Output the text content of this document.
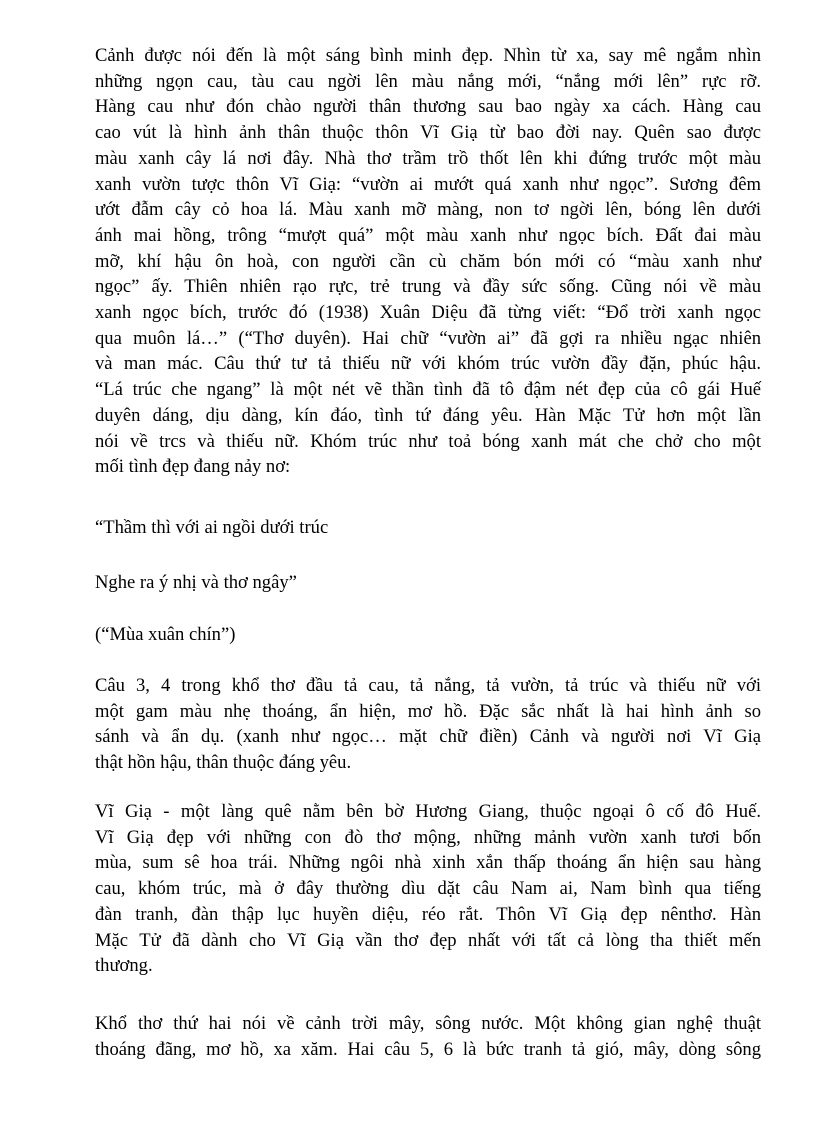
Cảnh được nói đến là một sáng bình minh đẹp. Nhìn từ xa, say mê ngắm nhìn
những ngọn cau, tàu cau ngời lên màu nắng mới, “nắng mới lên” rực rỡ.
Hàng cau như đón chào người thân thương sau bao ngày xa cách. Hàng cau
cao vút là hình ảnh thân thuộc thôn Vĩ Giạ từ bao đời nay. Quên sao được
màu xanh cây lá nơi đây. Nhà thơ trầm trồ thốt lên khi đứng trước một màu
xanh vườn tược thôn Vĩ Giạ: “vườn ai mướt quá xanh như ngọc”. Sương đêm
ướt đẫm cây cỏ hoa lá. Màu xanh mỡ màng, non tơ ngời lên, bóng lên dưới
ánh mai hồng, trông “mượt quá” một màu xanh như ngọc bích. Đất đai màu
mỡ, khí hậu ôn hoà, con người cần cù chăm bón mới có “màu xanh như
ngọc” ấy. Thiên nhiên rạo rực, trẻ trung và đầy sức sống. Cũng nói về màu
xanh ngọc bích, trước đó (1938) Xuân Diệu đã từng viết: “Đổ trời xanh ngọc
qua muôn lá…” (“Thơ duyên). Hai chữ “vườn ai” đã gợi ra nhiều ngạc nhiên
và man mác. Câu thứ tư tả thiếu nữ với khóm trúc vườn đầy đặn, phúc hậu.
“Lá trúc che ngang” là một nét vẽ thần tình đã tô đậm nét đẹp của cô gái Huế
duyên dáng, dịu dàng, kín đáo, tình tứ đáng yêu. Hàn Mặc Tử hơn một lần
nói về trcs và thiếu nữ. Khóm trúc như toả bóng xanh mát che chở cho một
mối tình đẹp đang nảy nơ:
“Thầm thì với ai ngồi dưới trúc
Nghe ra ý nhị và thơ ngây”
(“Mùa xuân chín”)
Câu 3, 4 trong khổ thơ đầu tả cau, tả nắng, tả vườn, tả trúc và thiếu nữ với
một gam màu nhẹ thoáng, ẩn hiện, mơ hồ. Đặc sắc nhất là hai hình ảnh so
sánh và ẩn dụ. (xanh như ngọc… mặt chữ điền) Cảnh và người nơi Vĩ Giạ
thật hồn hậu, thân thuộc đáng yêu.
Vĩ Giạ - một làng quê nằm bên bờ Hương Giang, thuộc ngoại ô cố đô Huế.
Vĩ Giạ đẹp với những con đò thơ mộng, những mảnh vườn xanh tươi bốn
mùa, sum sê hoa trái. Những ngôi nhà xinh xắn thấp thoáng ẩn hiện sau hàng
cau, khóm trúc, mà ở đây thường dìu dặt câu Nam ai, Nam bình qua tiếng
đàn tranh, đàn thập lục huyền diệu, réo rắt. Thôn Vĩ Giạ đẹp nênthơ. Hàn
Mặc Tử đã dành cho Vĩ Giạ vần thơ đẹp nhất với tất cả lòng tha thiết mến
thương.
Khổ thơ thứ hai nói về cảnh trời mây, sông nước. Một không gian nghệ thuật
thoáng đãng, mơ hồ, xa xăm. Hai câu 5, 6 là bức tranh tả gió, mây, dòng sông
